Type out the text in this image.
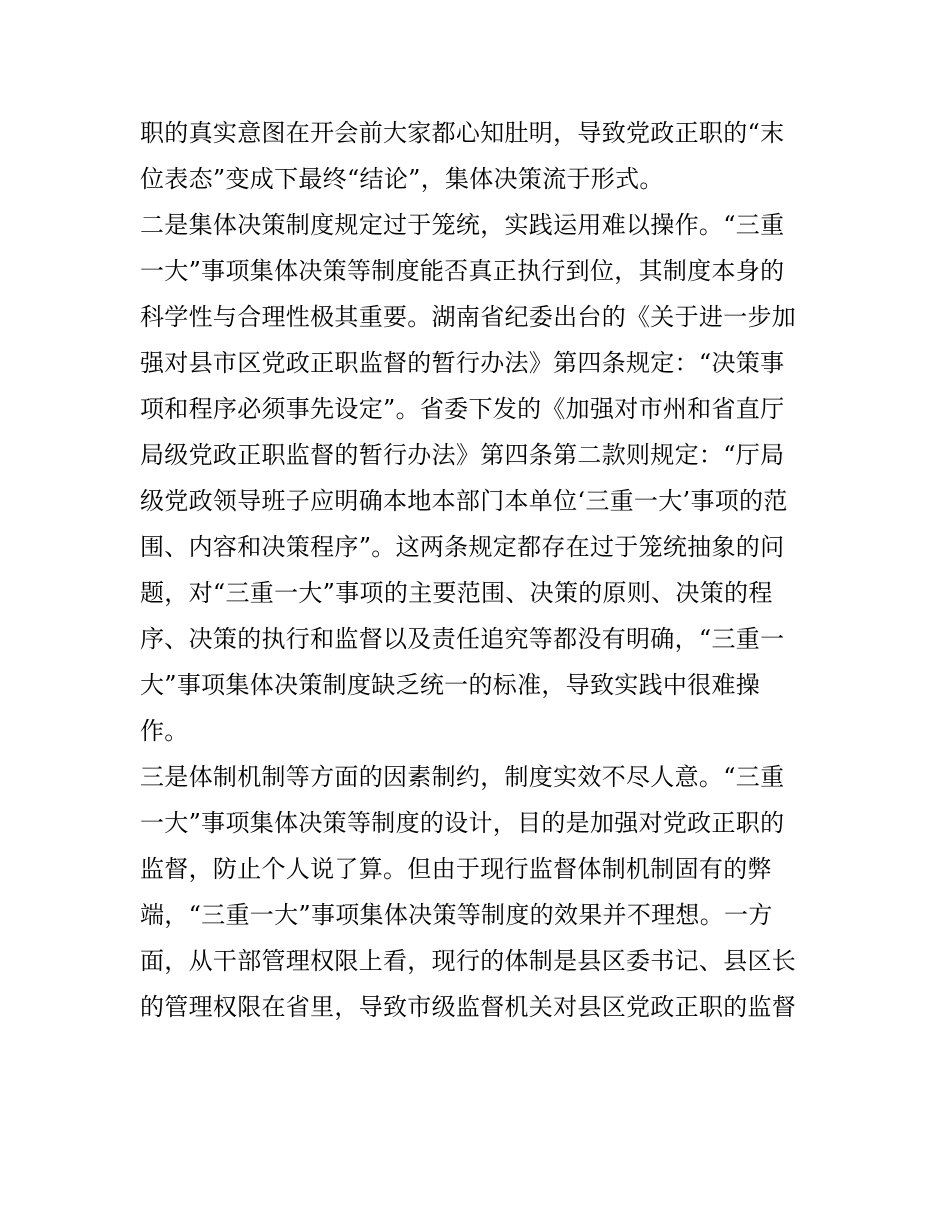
职的真实意图在开会前大家都心知肚明，导致党政正职的“末
位表态”变成下最终“结论”，集体决策流于形式。
二是集体决策制度规定过于笼统，实践运用难以操作。“三重
一大”事项集体决策等制度能否真正执行到位，其制度本身的
科学性与合理性极其重要。湖南省纪委出台的《关于进一步加
强对县市区党政正职监督的暂行办法》第四条规定：“决策事
项和程序必须事先设定”。省委下发的《加强对市州和省直厅
局级党政正职监督的暂行办法》第四条第二款则规定：“厅局
级党政领导班子应明确本地本部门本单位‘三重一大’事项的范
围、内容和决策程序”。这两条规定都存在过于笼统抽象的问
题，对“三重一大”事项的主要范围、决策的原则、决策的程
序、决策的执行和监督以及责任追究等都没有明确，“三重一
大”事项集体决策制度缺乏统一的标准，导致实践中很难操
作。
三是体制机制等方面的因素制约，制度实效不尽人意。“三重
一大”事项集体决策等制度的设计，目的是加强对党政正职的
监督，防止个人说了算。但由于现行监督体制机制固有的弊
端，“三重一大”事项集体决策等制度的效果并不理想。一方
面，从干部管理权限上看，现行的体制是县区委书记、县区长
的管理权限在省里，导致市级监督机关对县区党政正职的监督
